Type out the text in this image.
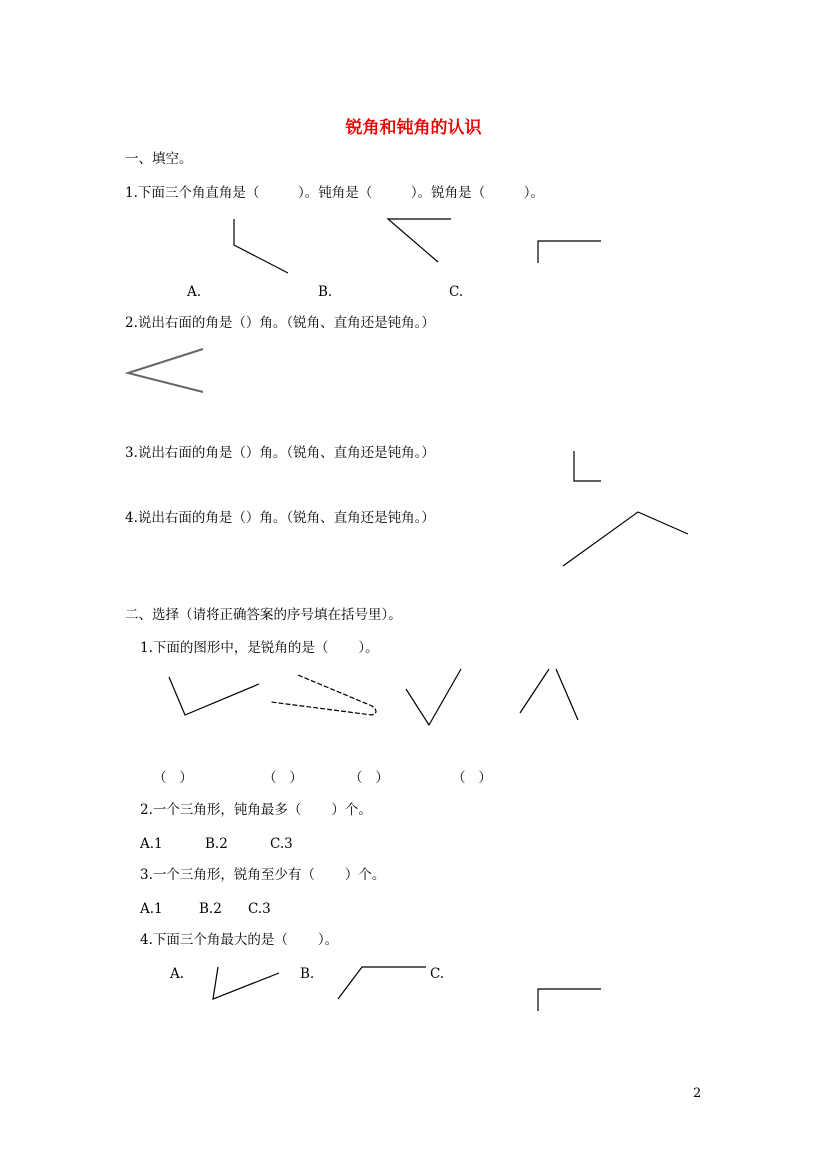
锐角和钝角的认识
一、填空。
1.下面三个角直角是（         ）。钝角是（         ）。锐角是（         ）。
A.	B.	C.
2.说出右面的角是（）角。（锐角、直角还是钝角。）
3.说出右面的角是（）角。（锐角、直角还是钝角。）
4.说出右面的角是（）角。（锐角、直角还是钝角。）
二、选择（请将正确答案的序号填在括号里）。
1.下面的图形中，是锐角的是（       ）。
（   ）	（   ）	（   ）	（   ）
2.一个三角形，钝角最多（       ）个。
A.1	B.2	C.3
3.一个三角形，锐角至少有（       ）个。
A.1	B.2 C.3
4.下面三个角最大的是（       ）。
A.	B.	C.
2
